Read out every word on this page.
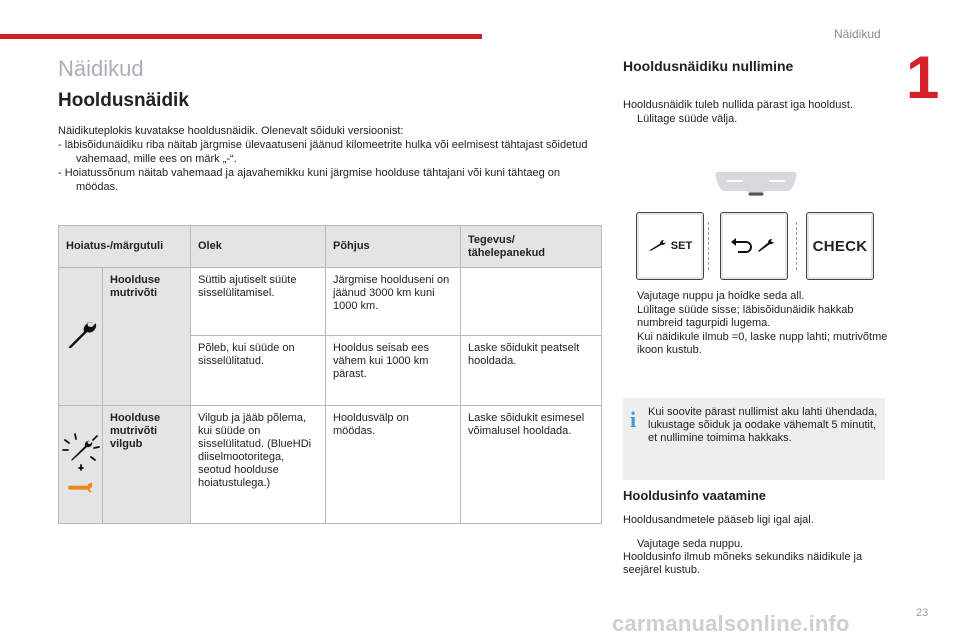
Näidikud
1
Näidikud
Hooldusnäidik

Näidikuteplokis kuvatakse hooldusnäidik. Olenevalt sõiduki versioonist:

- läbisõidunäidiku riba näitab järgmise ülevaatuseni jäänud kilomeetrite hulka või eelmisest tähtajast sõidetud vahemaad, mille ees on märk „-“.

- Hoiatussõnum näitab vahemaad ja ajavahemikku kuni järgmise hoolduse tähtajani või kuni tähtaeg on möödas.

Hoiatus-/märgutuli		Olek	Põhjus	Tegevus/ tähelepanekud
	Hoolduse mutrivõti	Süttib ajutiselt süüte sisselülitamisel.	Järgmise hoolduseni on jäänud 3000 km kuni 1000 km.	
		Põleb, kui süüde on sisselülitatud.	Hooldus seisab ees vähem kui 1000 km pärast.	Laske sõidukit peatselt hooldada.

	Hoolduse mutrivõti vilgub	Vilgub ja jääb põlema, kui süüde on sisselülitatud. (BlueHDi diiselmootoritega, seotud hoolduse hoiatustulega.)	Hooldusvälp on möödas.	Laske sõidukit esimesel võimalusel hooldada.
Hooldusnäidiku nullimine
Hooldusnäidik tuleb nullida pärast iga hooldust.
Lülitage süüde välja.
SET	CHECK
Vajutage nuppu ja hoidke seda all.
Lülitage süüde sisse; läbisõidunäidik hakkab numbreid tagurpidi lugema.
Kui näidikule ilmub =0, laske nupp lahti; mutrivõtme ikoon kustub.
i Kui soovite pärast nullimist aku lahti ühendada, lukustage sõiduk ja oodake vähemalt 5 minutit, et nullimine toimima hakkaks.
Hooldusinfo vaatamine
Hooldusandmetele pääseb ligi igal ajal.
Vajutage seda nuppu.
Hooldusinfo ilmub mõneks sekundiks näidikule ja seejärel kustub.
carmanualsonline.info	23
